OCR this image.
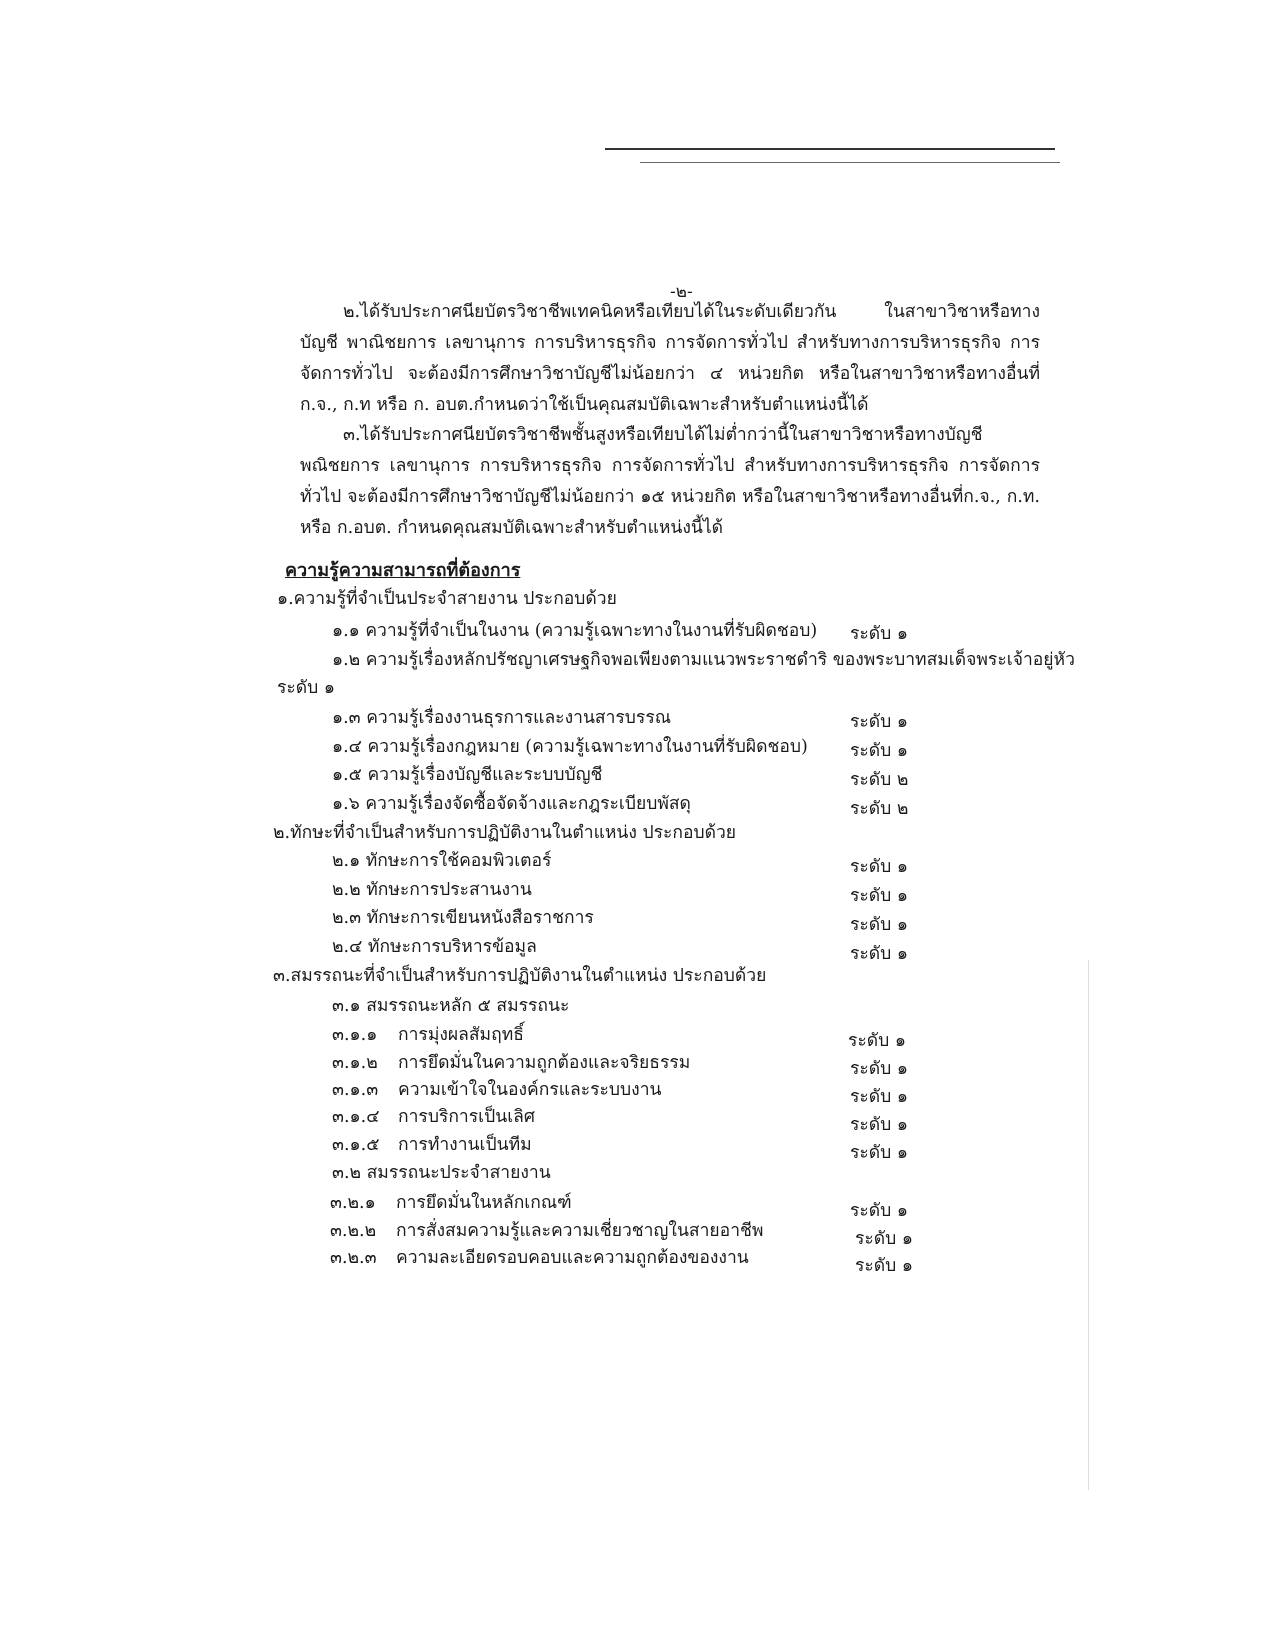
-๒-

๒.ได้รับประกาศนียบัตรวิชาชีพเทคนิคหรือเทียบได้ในระดับเดียวกัน ในสาขาวิชาหรือทาง บัญชี พาณิชยการ เลขานุการ การบริหารธุรกิจ การจัดการทั่วไป สำหรับทางการบริหารธุรกิจ การจัดการทั่วไป จะต้องมีการศึกษาวิชาบัญชีไม่น้อยกว่า ๔ หน่วยกิต หรือในสาขาวิชาหรือทางอื่นที่ ก.จ., ก.ท หรือ ก. อบต.กำหนดว่าใช้เป็นคุณสมบัติเฉพาะสำหรับตำแหน่งนี้ได้

๓.ได้รับประกาศนียบัตรวิชาชีพชั้นสูงหรือเทียบได้ไม่ต่ำกว่านี้ในสาขาวิชาหรือทางบัญชี พณิชยการ เลขานุการ การบริหารธุรกิจ การจัดการทั่วไป สำหรับทางการบริหารธุรกิจ การจัดการทั่วไป จะต้องมีการศึกษาวิชาบัญชีไม่น้อยกว่า ๑๕ หน่วยกิต หรือในสาขาวิชาหรือทางอื่นที่ก.จ., ก.ท. หรือ ก.อบต. กำหนดคุณสมบัติเฉพาะสำหรับตำแหน่งนี้ได้

ความรู้ความสามารถที่ต้องการ
๑.ความรู้ที่จำเป็นประจำสายงาน ประกอบด้วย
๑.๑ ความรู้ที่จำเป็นในงาน (ความรู้เฉพาะทางในงานที่รับผิดชอบ) ระดับ ๑
๑.๒ ความรู้เรื่องหลักปรัชญาเศรษฐกิจพอเพียงตามแนวพระราชดำริ ของพระบาทสมเด็จพระเจ้าอยู่หัว
ระดับ ๑
๑.๓ ความรู้เรื่องงานธุรการและงานสารบรรณ	ระดับ ๑
๑.๔ ความรู้เรื่องกฎหมาย (ความรู้เฉพาะทางในงานที่รับผิดชอบ) ระดับ ๑
๑.๕ ความรู้เรื่องบัญชีและระบบบัญชี	ระดับ ๒
๑.๖ ความรู้เรื่องจัดซื้อจัดจ้างและกฎระเบียบพัสดุ	ระดับ ๒
๒.ทักษะที่จำเป็นสำหรับการปฏิบัติงานในตำแหน่ง ประกอบด้วย
๒.๑ ทักษะการใช้คอมพิวเตอร์	ระดับ ๑
๒.๒ ทักษะการประสานงาน	ระดับ ๑
๒.๓ ทักษะการเขียนหนังสือราชการ	ระดับ ๑
๒.๔ ทักษะการบริหารข้อมูล	ระดับ ๑
๓.สมรรถนะที่จำเป็นสำหรับการปฏิบัติงานในตำแหน่ง ประกอบด้วย
๓.๑ สมรรถนะหลัก ๕ สมรรถนะ
๓.๑.๑ การมุ่งผลสัมฤทธิ์	ระดับ ๑
๓.๑.๒ การยึดมั่นในความถูกต้องและจริยธรรม	ระดับ ๑
๓.๑.๓ ความเข้าใจในองค์กรและระบบงาน	ระดับ ๑
๓.๑.๔ การบริการเป็นเลิศ	ระดับ ๑
๓.๑.๕ การทำงานเป็นทีม	ระดับ ๑
๓.๒ สมรรถนะประจำสายงาน
๓.๒.๑ การยึดมั่นในหลักเกณฑ์	ระดับ ๑
๓.๒.๒ การสั่งสมความรู้และความเชี่ยวชาญในสายอาชีพ	ระดับ ๑
๓.๒.๓ ความละเอียดรอบคอบและความถูกต้องของงาน	ระดับ ๑
